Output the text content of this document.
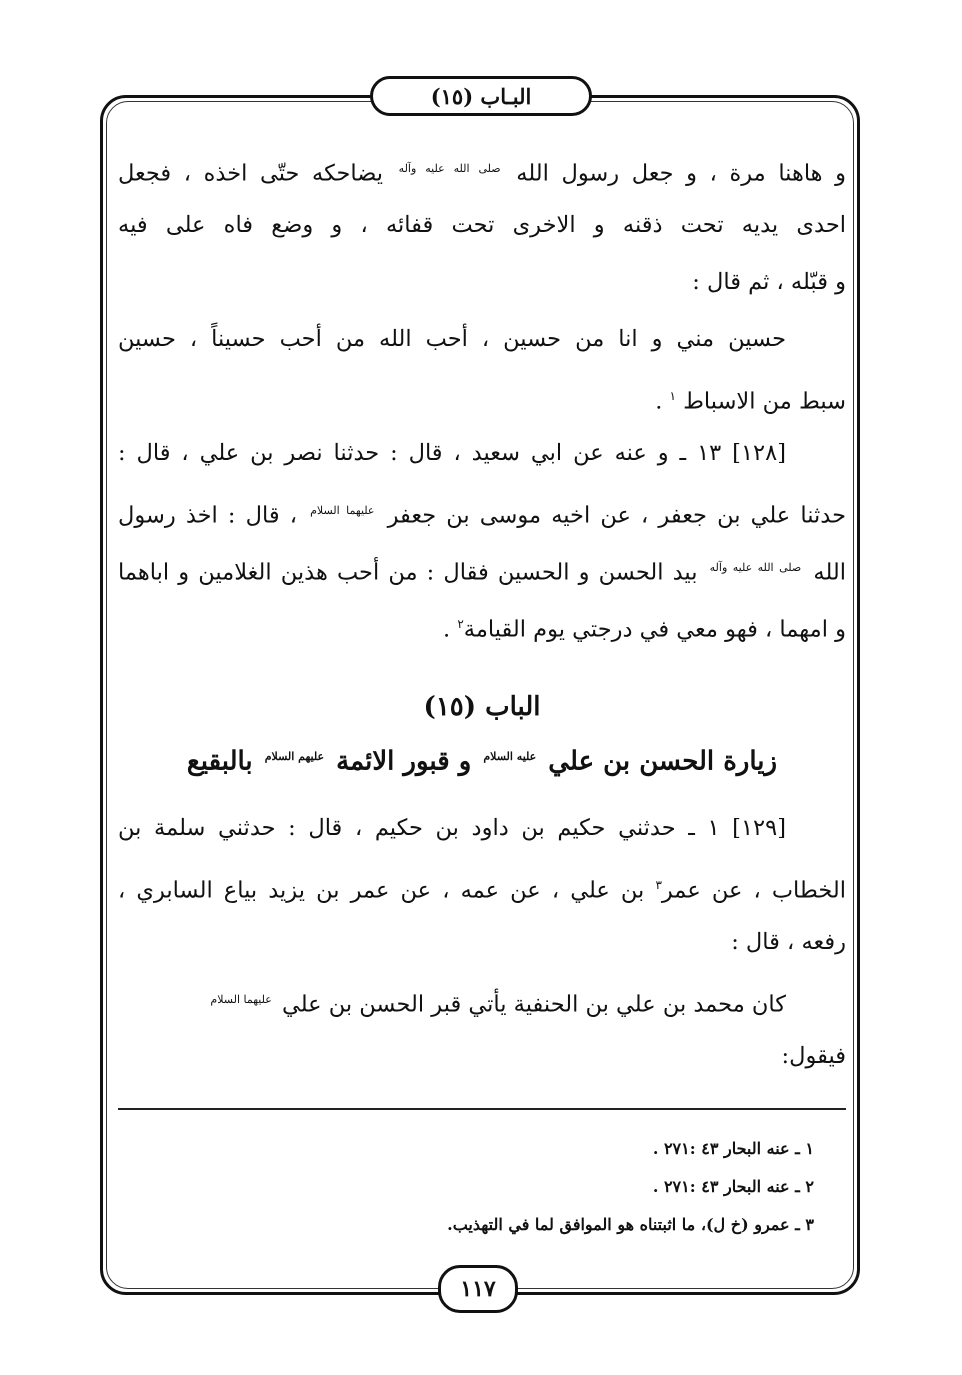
البـاب (١٥)
و هاهنا مرة ، و جعل رسول الله $^{صلى الله عليه وآله}$ يضاحكه حتّى اخذه ، فجعل
احدى يديه تحت ذقنه و الاخرى تحت قفائه ، و وضع فاه على فيه
و قبّله ، ثم قال :
حسين مني و انا من حسين ، أحب الله من أحب حسيناً ، حسين
سبط من الاسباط $^١$ .
[١٢٨] ١٣ ـ و عنه عن ابي سعيد ، قال : حدثنا نصر بن علي ، قال :
حدثنا علي بن جعفر ، عن اخيه موسى بن جعفر $^{عليهما السلام}$ ، قال : اخذ رسول
الله $^{صلى الله عليه وآله}$ بيد الحسن و الحسين فقال : من أحب هذين الغلامين و اباهما
و امهما ، فهو معي في درجتي يوم القيامة$^٢$ .
الباب (١٥)
زيارة الحسن بن علي $^{عليه السلام}$ و قبور الائمة $^{عليهم السلام}$ بالبقيع
[١٢٩] ١ ـ حدثني حكيم بن داود بن حكيم ، قال : حدثني سلمة بن
الخطاب ، عن عمر$^٣$ بن علي ، عن عمه ، عن عمر بن يزيد بياع السابري ،
رفعه ، قال :
كان محمد بن علي بن الحنفية يأتي قبر الحسن بن علي $^{عليهما السلام}$
فيقول:
١ ـ عنه البحار ٤٣ :٢٧١ .
٢ ـ عنه البحار ٤٣ :٢٧١ .
٣ ـ عمرو (خ ل)، ما اثبتناه هو الموافق لما في التهذيب.
١١٧
